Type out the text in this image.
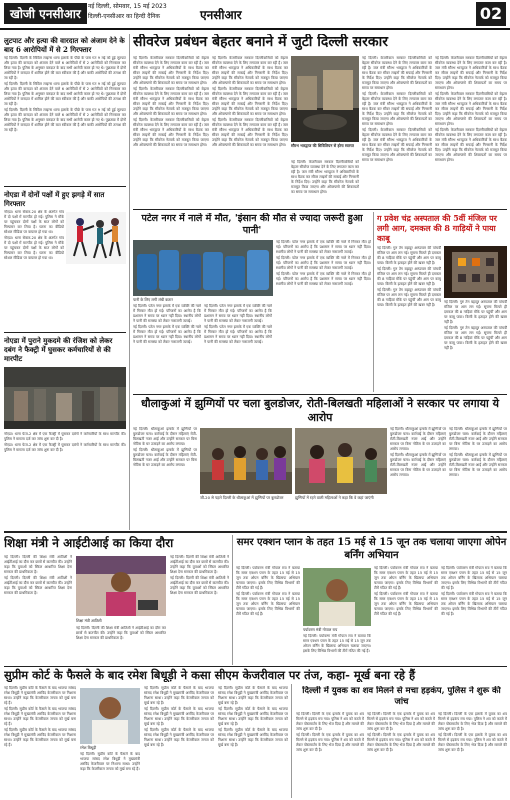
खोजी एनसीआर
नई दिल्ली, सोमवार, 15 मई 2023
दिल्ली-एनसीआर का हिन्दी दैनिक	एनसीआर	02
लुटपाट और हत्या की वारदात को अंजाम देने के बाद 6 आरोपियों में से 2 गिरफ्तार

नई दिल्ली। दिल्ली के सिविल लाइन्स थाना इलाके के पीछे के पास गत 9 मई को हुई लूटपाट और हत्या की वारदात को अंजाम देने वाले 6 आरोपियों में से 2 आरोपियों को गिरफ्तार कर लिया गया है। पुलिस के अनुसार वारदात के बाद सभी आरोपी फरार हो गए थे। पूछताछ में दोनों आरोपियों ने वारदात में शामिल होने की बात स्वीकार की है और बाकी आरोपियों की तलाश की जा रही है।

नई दिल्ली। दिल्ली के सिविल लाइन्स थाना इलाके के पीछे के पास गत 9 मई को हुई लूटपाट और हत्या की वारदात को अंजाम देने वाले 6 आरोपियों में से 2 आरोपियों को गिरफ्तार कर लिया गया है। पुलिस के अनुसार वारदात के बाद सभी आरोपी फरार हो गए थे। पूछताछ में दोनों आरोपियों ने वारदात में शामिल होने की बात स्वीकार की है और बाकी आरोपियों की तलाश की जा रही है।

नई दिल्ली। दिल्ली के सिविल लाइन्स थाना इलाके के पीछे के पास गत 9 मई को हुई लूटपाट और हत्या की वारदात को अंजाम देने वाले 6 आरोपियों में से 2 आरोपियों को गिरफ्तार कर लिया गया है। पुलिस के अनुसार वारदात के बाद सभी आरोपी फरार हो गए थे। पूछताछ में दोनों आरोपियों ने वारदात में शामिल होने की बात स्वीकार की है और बाकी आरोपियों की तलाश की जा रही है।

नोएडा में दोनों पक्षों में हुए झगड़े में सात गिरफ्तार

नोएडा। थाना सेक्टर-20 क्षेत्र के अंतर्गत गांव में दो पक्षों में मारपीट हो गई। पुलिस ने मौके पर पहुंचकर दोनों पक्षों के सात लोगों को गिरफ्तार कर लिया है। घटना का वीडियो सोशल मीडिया पर वायरल हो गया था।

नोएडा। थाना सेक्टर-20 क्षेत्र के अंतर्गत गांव में दो पक्षों में मारपीट हो गई। पुलिस ने मौके पर पहुंचकर दोनों पक्षों के सात लोगों को गिरफ्तार कर लिया है। घटना का वीडियो सोशल मीडिया पर वायरल हो गया था।

नोएडा में पुराने मुकदमे की रंजिश को लेकर दबंग ने फैक्ट्री में घुसकर कर्मचारियों से की मारपीट

नोएडा। थाना फेज-2 क्षेत्र में एक फैक्ट्री में घुसकर दबंगों ने कर्मचारियों के साथ मारपीट की। पुलिस ने मामला दर्ज कर जांच शुरू कर दी है।

नोएडा। थाना फेज-2 क्षेत्र में एक फैक्ट्री में घुसकर दबंगों ने कर्मचारियों के साथ मारपीट की। पुलिस ने मामला दर्ज कर जांच शुरू कर दी है।

सीवरेज प्रबंधन बेहतर बनाने में जुटी दिल्ली सरकार

नई दिल्ली। केजरीवाल सरकार दिल्लीवासियों को बेहतर सीवरेज व्यवस्था देने के लिए लगातार काम कर रही है। जल मंत्री सौरभ भारद्वाज ने अधिकारियों के साथ बैठक कर सीवर लाइनों की सफाई और निगरानी के निर्देश दिए। उन्होंने कहा कि सीवरेज नेटवर्क को मजबूत किया जाएगा और ओवरफ्लो की शिकायतों का समय पर समाधान होगा।

नई दिल्ली। केजरीवाल सरकार दिल्लीवासियों को बेहतर सीवरेज व्यवस्था देने के लिए लगातार काम कर रही है। जल मंत्री सौरभ भारद्वाज ने अधिकारियों के साथ बैठक कर सीवर लाइनों की सफाई और निगरानी के निर्देश दिए। उन्होंने कहा कि सीवरेज नेटवर्क को मजबूत किया जाएगा और ओवरफ्लो की शिकायतों का समय पर समाधान होगा।

नई दिल्ली। केजरीवाल सरकार दिल्लीवासियों को बेहतर सीवरेज व्यवस्था देने के लिए लगातार काम कर रही है। जल मंत्री सौरभ भारद्वाज ने अधिकारियों के साथ बैठक कर सीवर लाइनों की सफाई और निगरानी के निर्देश दिए। उन्होंने कहा कि सीवरेज नेटवर्क को मजबूत किया जाएगा और ओवरफ्लो की शिकायतों का समय पर समाधान होगा।

नई दिल्ली। केजरीवाल सरकार दिल्लीवासियों को बेहतर सीवरेज व्यवस्था देने के लिए लगातार काम कर रही है। जल मंत्री सौरभ भारद्वाज ने अधिकारियों के साथ बैठक कर सीवर लाइनों की सफाई और निगरानी के निर्देश दिए। उन्होंने कहा कि सीवरेज नेटवर्क को मजबूत किया जाएगा और ओवरफ्लो की शिकायतों का समय पर समाधान होगा।

नई दिल्ली। केजरीवाल सरकार दिल्लीवासियों को बेहतर सीवरेज व्यवस्था देने के लिए लगातार काम कर रही है। जल मंत्री सौरभ भारद्वाज ने अधिकारियों के साथ बैठक कर सीवर लाइनों की सफाई और निगरानी के निर्देश दिए। उन्होंने कहा कि सीवरेज नेटवर्क को मजबूत किया जाएगा और ओवरफ्लो की शिकायतों का समय पर समाधान होगा।

नई दिल्ली। केजरीवाल सरकार दिल्लीवासियों को बेहतर सीवरेज व्यवस्था देने के लिए लगातार काम कर रही है। जल मंत्री सौरभ भारद्वाज ने अधिकारियों के साथ बैठक कर सीवर लाइनों की सफाई और निगरानी के निर्देश दिए। उन्होंने कहा कि सीवरेज नेटवर्क को मजबूत किया जाएगा और ओवरफ्लो की शिकायतों का समय पर समाधान होगा।	सौरभ भारद्वाज की सिविलियन से होगा स्वागत

नई दिल्ली। केजरीवाल सरकार दिल्लीवासियों को बेहतर सीवरेज व्यवस्था देने के लिए लगातार काम कर रही है। जल मंत्री सौरभ भारद्वाज ने अधिकारियों के साथ बैठक कर सीवर लाइनों की सफाई और निगरानी के निर्देश दिए। उन्होंने कहा कि सीवरेज नेटवर्क को मजबूत किया जाएगा और ओवरफ्लो की शिकायतों का समय पर समाधान होगा।

नई दिल्ली। केजरीवाल सरकार दिल्लीवासियों को बेहतर सीवरेज व्यवस्था देने के लिए लगातार काम कर रही है। जल मंत्री सौरभ भारद्वाज ने अधिकारियों के साथ बैठक कर सीवर लाइनों की सफाई और निगरानी के निर्देश दिए। उन्होंने कहा कि सीवरेज नेटवर्क को मजबूत किया जाएगा और ओवरफ्लो की शिकायतों का समय पर समाधान होगा।

नई दिल्ली। केजरीवाल सरकार दिल्लीवासियों को बेहतर सीवरेज व्यवस्था देने के लिए लगातार काम कर रही है। जल मंत्री सौरभ भारद्वाज ने अधिकारियों के साथ बैठक कर सीवर लाइनों की सफाई और निगरानी के निर्देश दिए। उन्होंने कहा कि सीवरेज नेटवर्क को मजबूत किया जाएगा और ओवरफ्लो की शिकायतों का समय पर समाधान होगा।

नई दिल्ली। केजरीवाल सरकार दिल्लीवासियों को बेहतर सीवरेज व्यवस्था देने के लिए लगातार काम कर रही है। जल मंत्री सौरभ भारद्वाज ने अधिकारियों के साथ बैठक कर सीवर लाइनों की सफाई और निगरानी के निर्देश दिए। उन्होंने कहा कि सीवरेज नेटवर्क को मजबूत किया जाएगा और ओवरफ्लो की शिकायतों का समय पर समाधान होगा।

नई दिल्ली। केजरीवाल सरकार दिल्लीवासियों को बेहतर सीवरेज व्यवस्था देने के लिए लगातार काम कर रही है। जल मंत्री सौरभ भारद्वाज ने अधिकारियों के साथ बैठक कर सीवर लाइनों की सफाई और निगरानी के निर्देश दिए। उन्होंने कहा कि सीवरेज नेटवर्क को मजबूत किया जाएगा और ओवरफ्लो की शिकायतों का समय पर समाधान होगा।

नई दिल्ली। केजरीवाल सरकार दिल्लीवासियों को बेहतर सीवरेज व्यवस्था देने के लिए लगातार काम कर रही है। जल मंत्री सौरभ भारद्वाज ने अधिकारियों के साथ बैठक कर सीवर लाइनों की सफाई और निगरानी के निर्देश दिए। उन्होंने कहा कि सीवरेज नेटवर्क को मजबूत किया जाएगा और ओवरफ्लो की शिकायतों का समय पर समाधान होगा।

नई दिल्ली। केजरीवाल सरकार दिल्लीवासियों को बेहतर सीवरेज व्यवस्था देने के लिए लगातार काम कर रही है। जल मंत्री सौरभ भारद्वाज ने अधिकारियों के साथ बैठक कर सीवर लाइनों की सफाई और निगरानी के निर्देश दिए। उन्होंने कहा कि सीवरेज नेटवर्क को मजबूत किया जाएगा और ओवरफ्लो की शिकायतों का समय पर समाधान होगा।

पटेल नगर में नाले में मौत, 'इंसान की मौत से ज्यादा जरूरी हुआ पानी'
पानी के लिए लगी लंबी कतार

नई दिल्ली। पटेल नगर इलाके में एक व्यक्ति की नाले में गिरकर मौत हो गई। परिजनों का आरोप है कि प्रशासन ने समय पर ध्यान नहीं दिया। स्थानीय लोगों ने पानी की समस्या को लेकर नाराजगी जताई।

नई दिल्ली। पटेल नगर इलाके में एक व्यक्ति की नाले में गिरकर मौत हो गई। परिजनों का आरोप है कि प्रशासन ने समय पर ध्यान नहीं दिया। स्थानीय लोगों ने पानी की समस्या को लेकर नाराजगी जताई।

नई दिल्ली। पटेल नगर इलाके में एक व्यक्ति की नाले में गिरकर मौत हो गई। परिजनों का आरोप है कि प्रशासन ने समय पर ध्यान नहीं दिया। स्थानीय लोगों ने पानी की समस्या को लेकर नाराजगी जताई।

नई दिल्ली। पटेल नगर इलाके में एक व्यक्ति की नाले में गिरकर मौत हो गई। परिजनों का आरोप है कि प्रशासन ने समय पर ध्यान नहीं दिया। स्थानीय लोगों ने पानी की समस्या को लेकर नाराजगी जताई।

नई दिल्ली। पटेल नगर इलाके में एक व्यक्ति की नाले में गिरकर मौत हो गई। परिजनों का आरोप है कि प्रशासन ने समय पर ध्यान नहीं दिया। स्थानीय लोगों ने पानी की समस्या को लेकर नाराजगी जताई।

नई दिल्ली। पटेल नगर इलाके में एक व्यक्ति की नाले में गिरकर मौत हो गई। परिजनों का आरोप है कि प्रशासन ने समय पर ध्यान नहीं दिया। स्थानीय लोगों ने पानी की समस्या को लेकर नाराजगी जताई।

नई दिल्ली। पटेल नगर इलाके में एक व्यक्ति की नाले में गिरकर मौत हो गई। परिजनों का आरोप है कि प्रशासन ने समय पर ध्यान नहीं दिया। स्थानीय लोगों ने पानी की समस्या को लेकर नाराजगी जताई।

ग प्रवेश चंद्र अस्पताल की 5वीं मंजिल पर लगी आग, दमकल की 8 गाड़ियों ने पाया काबू

नई दिल्ली। गुरु तेग बहादुर अस्पताल की पांचवीं मंजिल पर आग लग गई। सूचना मिलते ही दमकल की 8 गाड़ियां मौके पर पहुंचीं और आग पर काबू पाया। किसी के हताहत होने की खबर नहीं है।

नई दिल्ली। गुरु तेग बहादुर अस्पताल की पांचवीं मंजिल पर आग लग गई। सूचना मिलते ही दमकल की 8 गाड़ियां मौके पर पहुंचीं और आग पर काबू पाया। किसी के हताहत होने की खबर नहीं है।

नई दिल्ली। गुरु तेग बहादुर अस्पताल की पांचवीं मंजिल पर आग लग गई। सूचना मिलते ही दमकल की 8 गाड़ियां मौके पर पहुंचीं और आग पर काबू पाया। किसी के हताहत होने की खबर नहीं है।

नई दिल्ली। गुरु तेग बहादुर अस्पताल की पांचवीं मंजिल पर आग लग गई। सूचना मिलते ही दमकल की 8 गाड़ियां मौके पर पहुंचीं और आग पर काबू पाया। किसी के हताहत होने की खबर नहीं है।

नई दिल्ली। गुरु तेग बहादुर अस्पताल की पांचवीं मंजिल पर आग लग गई। सूचना मिलते ही दमकल की 8 गाड़ियां मौके पर पहुंचीं और आग पर काबू पाया। किसी के हताहत होने की खबर नहीं है।

धौलाकुआं में झुग्गियों पर चला बुलडोजर, रोती-बिलखती महिलाओं ने सरकार पर लगाया ये आरोप

नई दिल्ली। धौलाकुआं इलाके में झुग्गियों पर बुलडोजर चला। कार्रवाई के दौरान महिलाएं रोती-बिलखती नजर आईं और उन्होंने सरकार पर बिना नोटिस के घर उजाड़ने का आरोप लगाया।

नई दिल्ली। धौलाकुआं इलाके में झुग्गियों पर बुलडोजर चला। कार्रवाई के दौरान महिलाएं रोती-बिलखती नजर आईं और उन्होंने सरकार पर बिना नोटिस के घर उजाड़ने का आरोप लगाया।

जी-20 से पहले दिल्ली के धौलाकुआं में झुग्गियों पर बुलडोजर	झुग्गियों में रहने वाली महिलाओं ने कहा कि वे कहां जाएंगी

नई दिल्ली। धौलाकुआं इलाके में झुग्गियों पर बुलडोजर चला। कार्रवाई के दौरान महिलाएं रोती-बिलखती नजर आईं और उन्होंने सरकार पर बिना नोटिस के घर उजाड़ने का आरोप लगाया।

नई दिल्ली। धौलाकुआं इलाके में झुग्गियों पर बुलडोजर चला। कार्रवाई के दौरान महिलाएं रोती-बिलखती नजर आईं और उन्होंने सरकार पर बिना नोटिस के घर उजाड़ने का आरोप लगाया।

नई दिल्ली। धौलाकुआं इलाके में झुग्गियों पर बुलडोजर चला। कार्रवाई के दौरान महिलाएं रोती-बिलखती नजर आईं और उन्होंने सरकार पर बिना नोटिस के घर उजाड़ने का आरोप लगाया।

नई दिल्ली। धौलाकुआं इलाके में झुग्गियों पर बुलडोजर चला। कार्रवाई के दौरान महिलाएं रोती-बिलखती नजर आईं और उन्होंने सरकार पर बिना नोटिस के घर उजाड़ने का आरोप लगाया।

शिक्षा मंत्री ने आईटीआई का किया दौरा

नई दिल्ली। दिल्ली की शिक्षा मंत्री आतिशी ने आईटीआई का दौरा कर छात्रों से बातचीत की। उन्होंने कहा कि युवाओं को स्किल आधारित शिक्षा देना सरकार की प्राथमिकता है।

नई दिल्ली। दिल्ली की शिक्षा मंत्री आतिशी ने आईटीआई का दौरा कर छात्रों से बातचीत की। उन्होंने कहा कि युवाओं को स्किल आधारित शिक्षा देना सरकार की प्राथमिकता है।

शिक्षा मंत्री आतिशी

नई दिल्ली। दिल्ली की शिक्षा मंत्री आतिशी ने आईटीआई का दौरा कर छात्रों से बातचीत की। उन्होंने कहा कि युवाओं को स्किल आधारित शिक्षा देना सरकार की प्राथमिकता है।

नई दिल्ली। दिल्ली की शिक्षा मंत्री आतिशी ने आईटीआई का दौरा कर छात्रों से बातचीत की। उन्होंने कहा कि युवाओं को स्किल आधारित शिक्षा देना सरकार की प्राथमिकता है।

नई दिल्ली। दिल्ली की शिक्षा मंत्री आतिशी ने आईटीआई का दौरा कर छात्रों से बातचीत की। उन्होंने कहा कि युवाओं को स्किल आधारित शिक्षा देना सरकार की प्राथमिकता है।

समर एक्शन प्लान के तहत 15 मई से 15 जून तक चलाया जाएगा ओपेन बर्निंग अभियान

नई दिल्ली। पर्यावरण मंत्री गोपाल राय ने बताया कि समर एक्शन प्लान के तहत 15 मई से 15 जून तक ओपन बर्निंग के खिलाफ अभियान चलाया जाएगा। इसके लिए विभिन्न विभागों की टीमें गठित की गई हैं।

नई दिल्ली। पर्यावरण मंत्री गोपाल राय ने बताया कि समर एक्शन प्लान के तहत 15 मई से 15 जून तक ओपन बर्निंग के खिलाफ अभियान चलाया जाएगा। इसके लिए विभिन्न विभागों की टीमें गठित की गई हैं।

पर्यावरण मंत्री गोपाल राय

नई दिल्ली। पर्यावरण मंत्री गोपाल राय ने बताया कि समर एक्शन प्लान के तहत 15 मई से 15 जून तक ओपन बर्निंग के खिलाफ अभियान चलाया जाएगा। इसके लिए विभिन्न विभागों की टीमें गठित की गई हैं।

नई दिल्ली। पर्यावरण मंत्री गोपाल राय ने बताया कि समर एक्शन प्लान के तहत 15 मई से 15 जून तक ओपन बर्निंग के खिलाफ अभियान चलाया जाएगा। इसके लिए विभिन्न विभागों की टीमें गठित की गई हैं।

नई दिल्ली। पर्यावरण मंत्री गोपाल राय ने बताया कि समर एक्शन प्लान के तहत 15 मई से 15 जून तक ओपन बर्निंग के खिलाफ अभियान चलाया जाएगा। इसके लिए विभिन्न विभागों की टीमें गठित की गई हैं।

नई दिल्ली। पर्यावरण मंत्री गोपाल राय ने बताया कि समर एक्शन प्लान के तहत 15 मई से 15 जून तक ओपन बर्निंग के खिलाफ अभियान चलाया जाएगा। इसके लिए विभिन्न विभागों की टीमें गठित की गई हैं।

नई दिल्ली। पर्यावरण मंत्री गोपाल राय ने बताया कि समर एक्शन प्लान के तहत 15 मई से 15 जून तक ओपन बर्निंग के खिलाफ अभियान चलाया जाएगा। इसके लिए विभिन्न विभागों की टीमें गठित की गई हैं।

सुप्रीम कोर्ट के फैसले के बाद रमेश बिधूड़ी ने कसा सीएम केजरीवाल पर तंज, कहा- मूर्ख बना रहे हैं

नई दिल्ली। सुप्रीम कोर्ट के फैसले के बाद भाजपा सांसद रमेश बिधूड़ी ने मुख्यमंत्री अरविंद केजरीवाल पर निशाना साधा। उन्होंने कहा कि केजरीवाल जनता को मूर्ख बना रहे हैं।

नई दिल्ली। सुप्रीम कोर्ट के फैसले के बाद भाजपा सांसद रमेश बिधूड़ी ने मुख्यमंत्री अरविंद केजरीवाल पर निशाना साधा। उन्होंने कहा कि केजरीवाल जनता को मूर्ख बना रहे हैं।

नई दिल्ली। सुप्रीम कोर्ट के फैसले के बाद भाजपा सांसद रमेश बिधूड़ी ने मुख्यमंत्री अरविंद केजरीवाल पर निशाना साधा। उन्होंने कहा कि केजरीवाल जनता को मूर्ख बना रहे हैं।	रमेश बिधूड़ी

नई दिल्ली। सुप्रीम कोर्ट के फैसले के बाद भाजपा सांसद रमेश बिधूड़ी ने मुख्यमंत्री अरविंद केजरीवाल पर निशाना साधा। उन्होंने कहा कि केजरीवाल जनता को मूर्ख बना रहे हैं।

नई दिल्ली। सुप्रीम कोर्ट के फैसले के बाद भाजपा सांसद रमेश बिधूड़ी ने मुख्यमंत्री अरविंद केजरीवाल पर निशाना साधा। उन्होंने कहा कि केजरीवाल जनता को मूर्ख बना रहे हैं।

नई दिल्ली। सुप्रीम कोर्ट के फैसले के बाद भाजपा सांसद रमेश बिधूड़ी ने मुख्यमंत्री अरविंद केजरीवाल पर निशाना साधा। उन्होंने कहा कि केजरीवाल जनता को मूर्ख बना रहे हैं।

नई दिल्ली। सुप्रीम कोर्ट के फैसले के बाद भाजपा सांसद रमेश बिधूड़ी ने मुख्यमंत्री अरविंद केजरीवाल पर निशाना साधा। उन्होंने कहा कि केजरीवाल जनता को मूर्ख बना रहे हैं।

नई दिल्ली। सुप्रीम कोर्ट के फैसले के बाद भाजपा सांसद रमेश बिधूड़ी ने मुख्यमंत्री अरविंद केजरीवाल पर निशाना साधा। उन्होंने कहा कि केजरीवाल जनता को मूर्ख बना रहे हैं।

नई दिल्ली। सुप्रीम कोर्ट के फैसले के बाद भाजपा सांसद रमेश बिधूड़ी ने मुख्यमंत्री अरविंद केजरीवाल पर निशाना साधा। उन्होंने कहा कि केजरीवाल जनता को मूर्ख बना रहे हैं।

नई दिल्ली। सुप्रीम कोर्ट के फैसले के बाद भाजपा सांसद रमेश बिधूड़ी ने मुख्यमंत्री अरविंद केजरीवाल पर निशाना साधा। उन्होंने कहा कि केजरीवाल जनता को मूर्ख बना रहे हैं।

दिल्ली में युवक का शव मिलने से मचा हड़कंप, पुलिस ने शुरू की जांच

नई दिल्ली। दिल्ली के एक इलाके में युवक का शव मिलने से हड़कंप मच गया। पुलिस ने शव को कब्जे में लेकर पोस्टमार्टम के लिए भेज दिया है और मामले की जांच शुरू कर दी है।

नई दिल्ली। दिल्ली के एक इलाके में युवक का शव मिलने से हड़कंप मच गया। पुलिस ने शव को कब्जे में लेकर पोस्टमार्टम के लिए भेज दिया है और मामले की जांच शुरू कर दी है।

नई दिल्ली। दिल्ली के एक इलाके में युवक का शव मिलने से हड़कंप मच गया। पुलिस ने शव को कब्जे में लेकर पोस्टमार्टम के लिए भेज दिया है और मामले की जांच शुरू कर दी है।

नई दिल्ली। दिल्ली के एक इलाके में युवक का शव मिलने से हड़कंप मच गया। पुलिस ने शव को कब्जे में लेकर पोस्टमार्टम के लिए भेज दिया है और मामले की जांच शुरू कर दी है।

नई दिल्ली। दिल्ली के एक इलाके में युवक का शव मिलने से हड़कंप मच गया। पुलिस ने शव को कब्जे में लेकर पोस्टमार्टम के लिए भेज दिया है और मामले की जांच शुरू कर दी है।

नई दिल्ली। दिल्ली के एक इलाके में युवक का शव मिलने से हड़कंप मच गया। पुलिस ने शव को कब्जे में लेकर पोस्टमार्टम के लिए भेज दिया है और मामले की जांच शुरू कर दी है।
